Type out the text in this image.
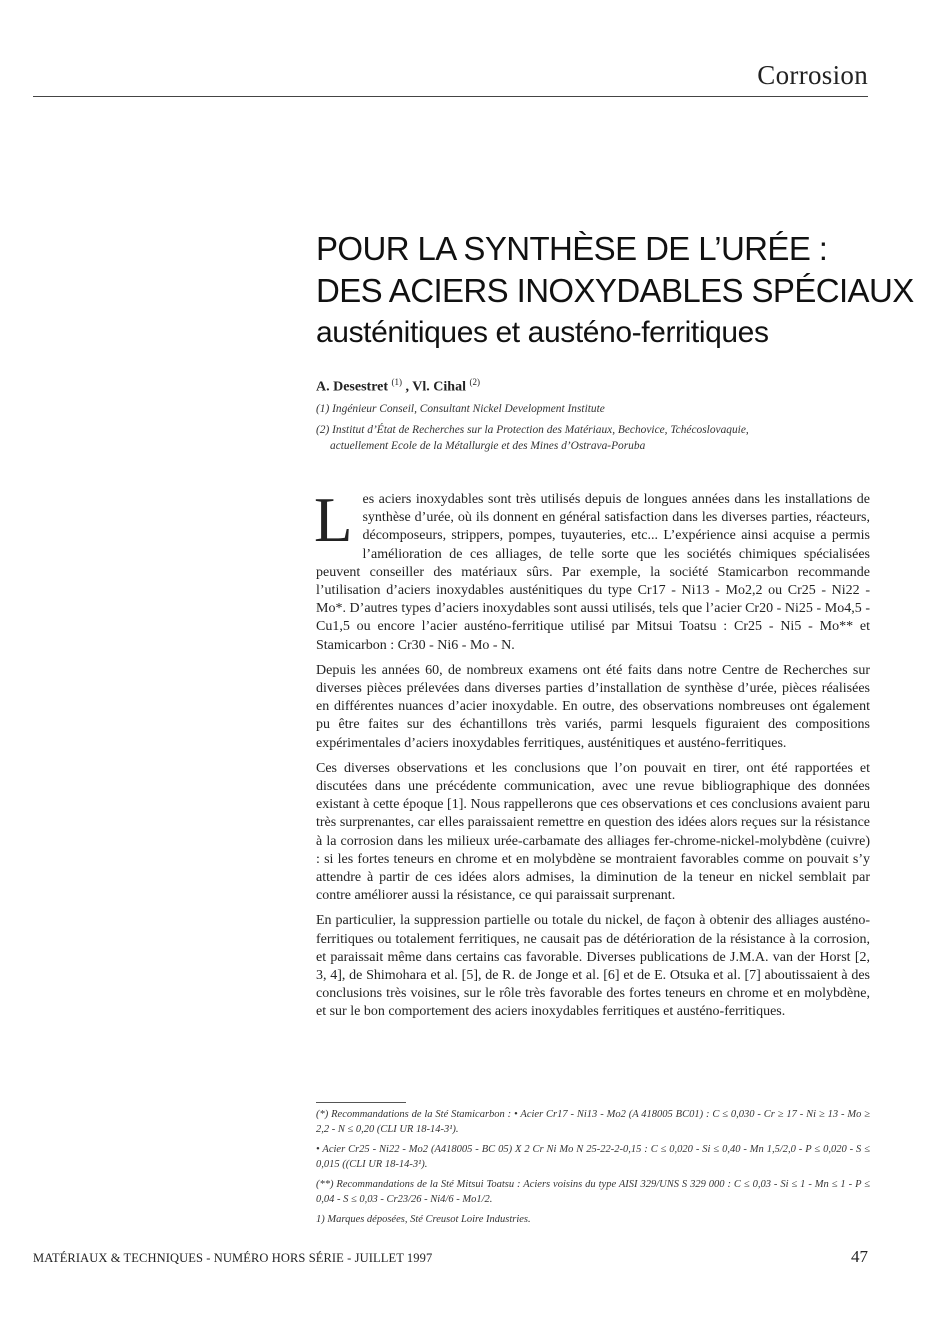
Corrosion
POUR LA SYNTHÈSE DE L’URÉE :
DES ACIERS INOXYDABLES SPÉCIAUX
austénitiques et austéno-ferritiques
A. Desestret $^{(1)}$ , Vl. Cihal $^{(2)}$
(1) Ingénieur Conseil, Consultant Nickel Development Institute
(2) Institut d’État de Recherches sur la Protection des Matériaux, Bechovice, Tchécoslovaquie,
actuellement Ecole de la Métallurgie et des Mines d’Ostrava-Poruba

Les aciers inoxydables sont très utilisés depuis de longues années dans les installations de synthèse d’urée, où ils donnent en général satisfaction dans les diverses parties, réacteurs, décomposeurs, strippers, pompes, tuyauteries, etc... L’expérience ainsi acquise a permis l’amélioration de ces alliages, de telle sorte que les sociétés chimiques spécialisées peuvent conseiller des matériaux sûrs. Par exemple, la société Stamicarbon recommande l’utilisation d’aciers inoxydables austénitiques du type Cr17 - Ni13 - Mo2,2 ou Cr25 - Ni22 - Mo*. D’autres types d’aciers inoxydables sont aussi utilisés, tels que l’acier Cr20 - Ni25 - Mo4,5 - Cu1,5 ou encore l’acier austéno-ferritique utilisé par Mitsui Toatsu : Cr25 - Ni5 - Mo** et Stamicarbon : Cr30 - Ni6 - Mo - N.

Depuis les années 60, de nombreux examens ont été faits dans notre Centre de Recherches sur diverses pièces prélevées dans diverses parties d’installation de synthèse d’urée, pièces réalisées en différentes nuances d’acier inoxydable. En outre, des observations nombreuses ont également pu être faites sur des échantillons très variés, parmi lesquels figuraient des compositions expérimentales d’aciers inoxydables ferritiques, austénitiques et austéno-ferritiques.

Ces diverses observations et les conclusions que l’on pouvait en tirer, ont été rapportées et discutées dans une précédente communication, avec une revue bibliographique des données existant à cette époque [1]. Nous rappellerons que ces observations et ces conclusions avaient paru très surprenantes, car elles paraissaient remettre en question des idées alors reçues sur la résistance à la corrosion dans les milieux urée-carbamate des alliages fer-chrome-nickel-molybdène (cuivre) : si les fortes teneurs en chrome et en molybdène se montraient favorables comme on pouvait s’y attendre à partir de ces idées alors admises, la diminution de la teneur en nickel semblait par contre améliorer aussi la résistance, ce qui paraissait surprenant.

En particulier, la suppression partielle ou totale du nickel, de façon à obtenir des alliages austéno-ferritiques ou totalement ferritiques, ne causait pas de détérioration de la résistance à la corrosion, et paraissait même dans certains cas favorable. Diverses publications de J.M.A. van der Horst [2, 3, 4], de Shimohara et al. [5], de R. de Jonge et al. [6] et de E. Otsuka et al. [7] aboutissaient à des conclusions très voisines, sur le rôle très favorable des fortes teneurs en chrome et en molybdène, et sur le bon comportement des aciers inoxydables ferritiques et austéno-ferritiques.

(*) Recommandations de la Sté Stamicarbon : • Acier Cr17 - Ni13 - Mo2 (A 418005 BC01) : C ≤ 0,030 - Cr ≥ 17 - Ni ≥ 13 - Mo ≥ 2,2 - N ≤ 0,20 (CLI UR 18-14-3¹).

• Acier Cr25 - Ni22 - Mo2 (A418005 - BC 05) X 2 Cr Ni Mo N 25-22-2-0,15 : C ≤ 0,020 - Si ≤ 0,40 - Mn 1,5/2,0 - P ≤ 0,020 - S ≤ 0,015 ((CLI UR 18-14-3¹).

(**) Recommandations de la Sté Mitsui Toatsu : Aciers voisins du type AISI 329/UNS S 329 000 : C ≤ 0,03 - Si ≤ 1 - Mn ≤ 1 - P ≤ 0,04 - S ≤ 0,03 - Cr23/26 - Ni4/6 - Mo1/2.

1) Marques déposées, Sté Creusot Loire Industries.

MATÉRIAUX & TECHNIQUES - NUMÉRO HORS SÉRIE - JUILLET 1997	47
